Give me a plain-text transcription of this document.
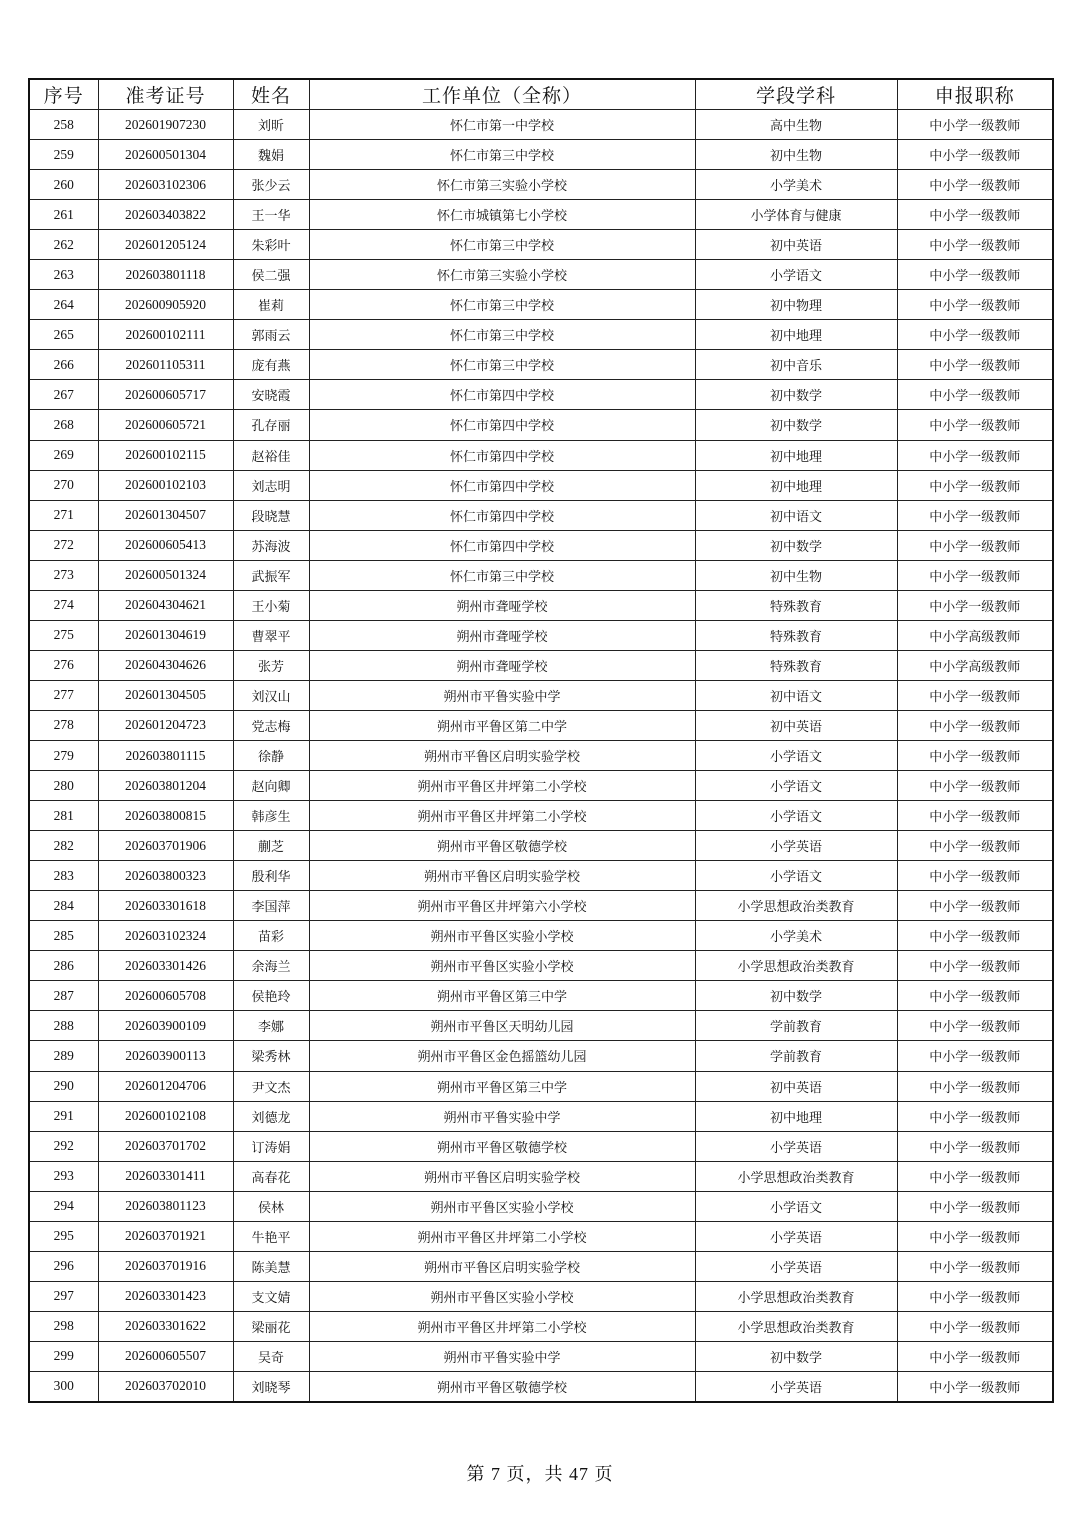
序号	准考证号	姓名	工作单位（全称）	学段学科	申报职称
258	202601907230	刘昕	怀仁市第一中学校	高中生物	中小学一级教师
259	202600501304	魏娟	怀仁市第三中学校	初中生物	中小学一级教师
260	202603102306	张少云	怀仁市第三实验小学校	小学美术	中小学一级教师
261	202603403822	王一华	怀仁市城镇第七小学校	小学体育与健康	中小学一级教师
262	202601205124	朱彩叶	怀仁市第三中学校	初中英语	中小学一级教师
263	202603801118	侯二强	怀仁市第三实验小学校	小学语文	中小学一级教师
264	202600905920	崔莉	怀仁市第三中学校	初中物理	中小学一级教师
265	202600102111	郭雨云	怀仁市第三中学校	初中地理	中小学一级教师
266	202601105311	庞有燕	怀仁市第三中学校	初中音乐	中小学一级教师
267	202600605717	安晓霞	怀仁市第四中学校	初中数学	中小学一级教师
268	202600605721	孔存丽	怀仁市第四中学校	初中数学	中小学一级教师
269	202600102115	赵裕佳	怀仁市第四中学校	初中地理	中小学一级教师
270	202600102103	刘志明	怀仁市第四中学校	初中地理	中小学一级教师
271	202601304507	段晓慧	怀仁市第四中学校	初中语文	中小学一级教师
272	202600605413	苏海波	怀仁市第四中学校	初中数学	中小学一级教师
273	202600501324	武振军	怀仁市第三中学校	初中生物	中小学一级教师
274	202604304621	王小菊	朔州市聋哑学校	特殊教育	中小学一级教师
275	202601304619	曹翠平	朔州市聋哑学校	特殊教育	中小学高级教师
276	202604304626	张芳	朔州市聋哑学校	特殊教育	中小学高级教师
277	202601304505	刘汉山	朔州市平鲁实验中学	初中语文	中小学一级教师
278	202601204723	党志梅	朔州市平鲁区第二中学	初中英语	中小学一级教师
279	202603801115	徐静	朔州市平鲁区启明实验学校	小学语文	中小学一级教师
280	202603801204	赵向卿	朔州市平鲁区井坪第二小学校	小学语文	中小学一级教师
281	202603800815	韩彦生	朔州市平鲁区井坪第二小学校	小学语文	中小学一级教师
282	202603701906	蒯芝	朔州市平鲁区敬德学校	小学英语	中小学一级教师
283	202603800323	殷利华	朔州市平鲁区启明实验学校	小学语文	中小学一级教师
284	202603301618	李国萍	朔州市平鲁区井坪第六小学校	小学思想政治类教育	中小学一级教师
285	202603102324	苗彩	朔州市平鲁区实验小学校	小学美术	中小学一级教师
286	202603301426	余海兰	朔州市平鲁区实验小学校	小学思想政治类教育	中小学一级教师
287	202600605708	侯艳玲	朔州市平鲁区第三中学	初中数学	中小学一级教师
288	202603900109	李娜	朔州市平鲁区天明幼儿园	学前教育	中小学一级教师
289	202603900113	梁秀林	朔州市平鲁区金色摇篮幼儿园	学前教育	中小学一级教师
290	202601204706	尹文杰	朔州市平鲁区第三中学	初中英语	中小学一级教师
291	202600102108	刘德龙	朔州市平鲁实验中学	初中地理	中小学一级教师
292	202603701702	订涛娟	朔州市平鲁区敬德学校	小学英语	中小学一级教师
293	202603301411	高春花	朔州市平鲁区启明实验学校	小学思想政治类教育	中小学一级教师
294	202603801123	侯林	朔州市平鲁区实验小学校	小学语文	中小学一级教师
295	202603701921	牛艳平	朔州市平鲁区井坪第二小学校	小学英语	中小学一级教师
296	202603701916	陈美慧	朔州市平鲁区启明实验学校	小学英语	中小学一级教师
297	202603301423	支文婧	朔州市平鲁区实验小学校	小学思想政治类教育	中小学一级教师
298	202603301622	梁丽花	朔州市平鲁区井坪第二小学校	小学思想政治类教育	中小学一级教师
299	202600605507	吴奇	朔州市平鲁实验中学	初中数学	中小学一级教师
300	202603702010	刘晓琴	朔州市平鲁区敬德学校	小学英语	中小学一级教师
第 7 页，共 47 页
